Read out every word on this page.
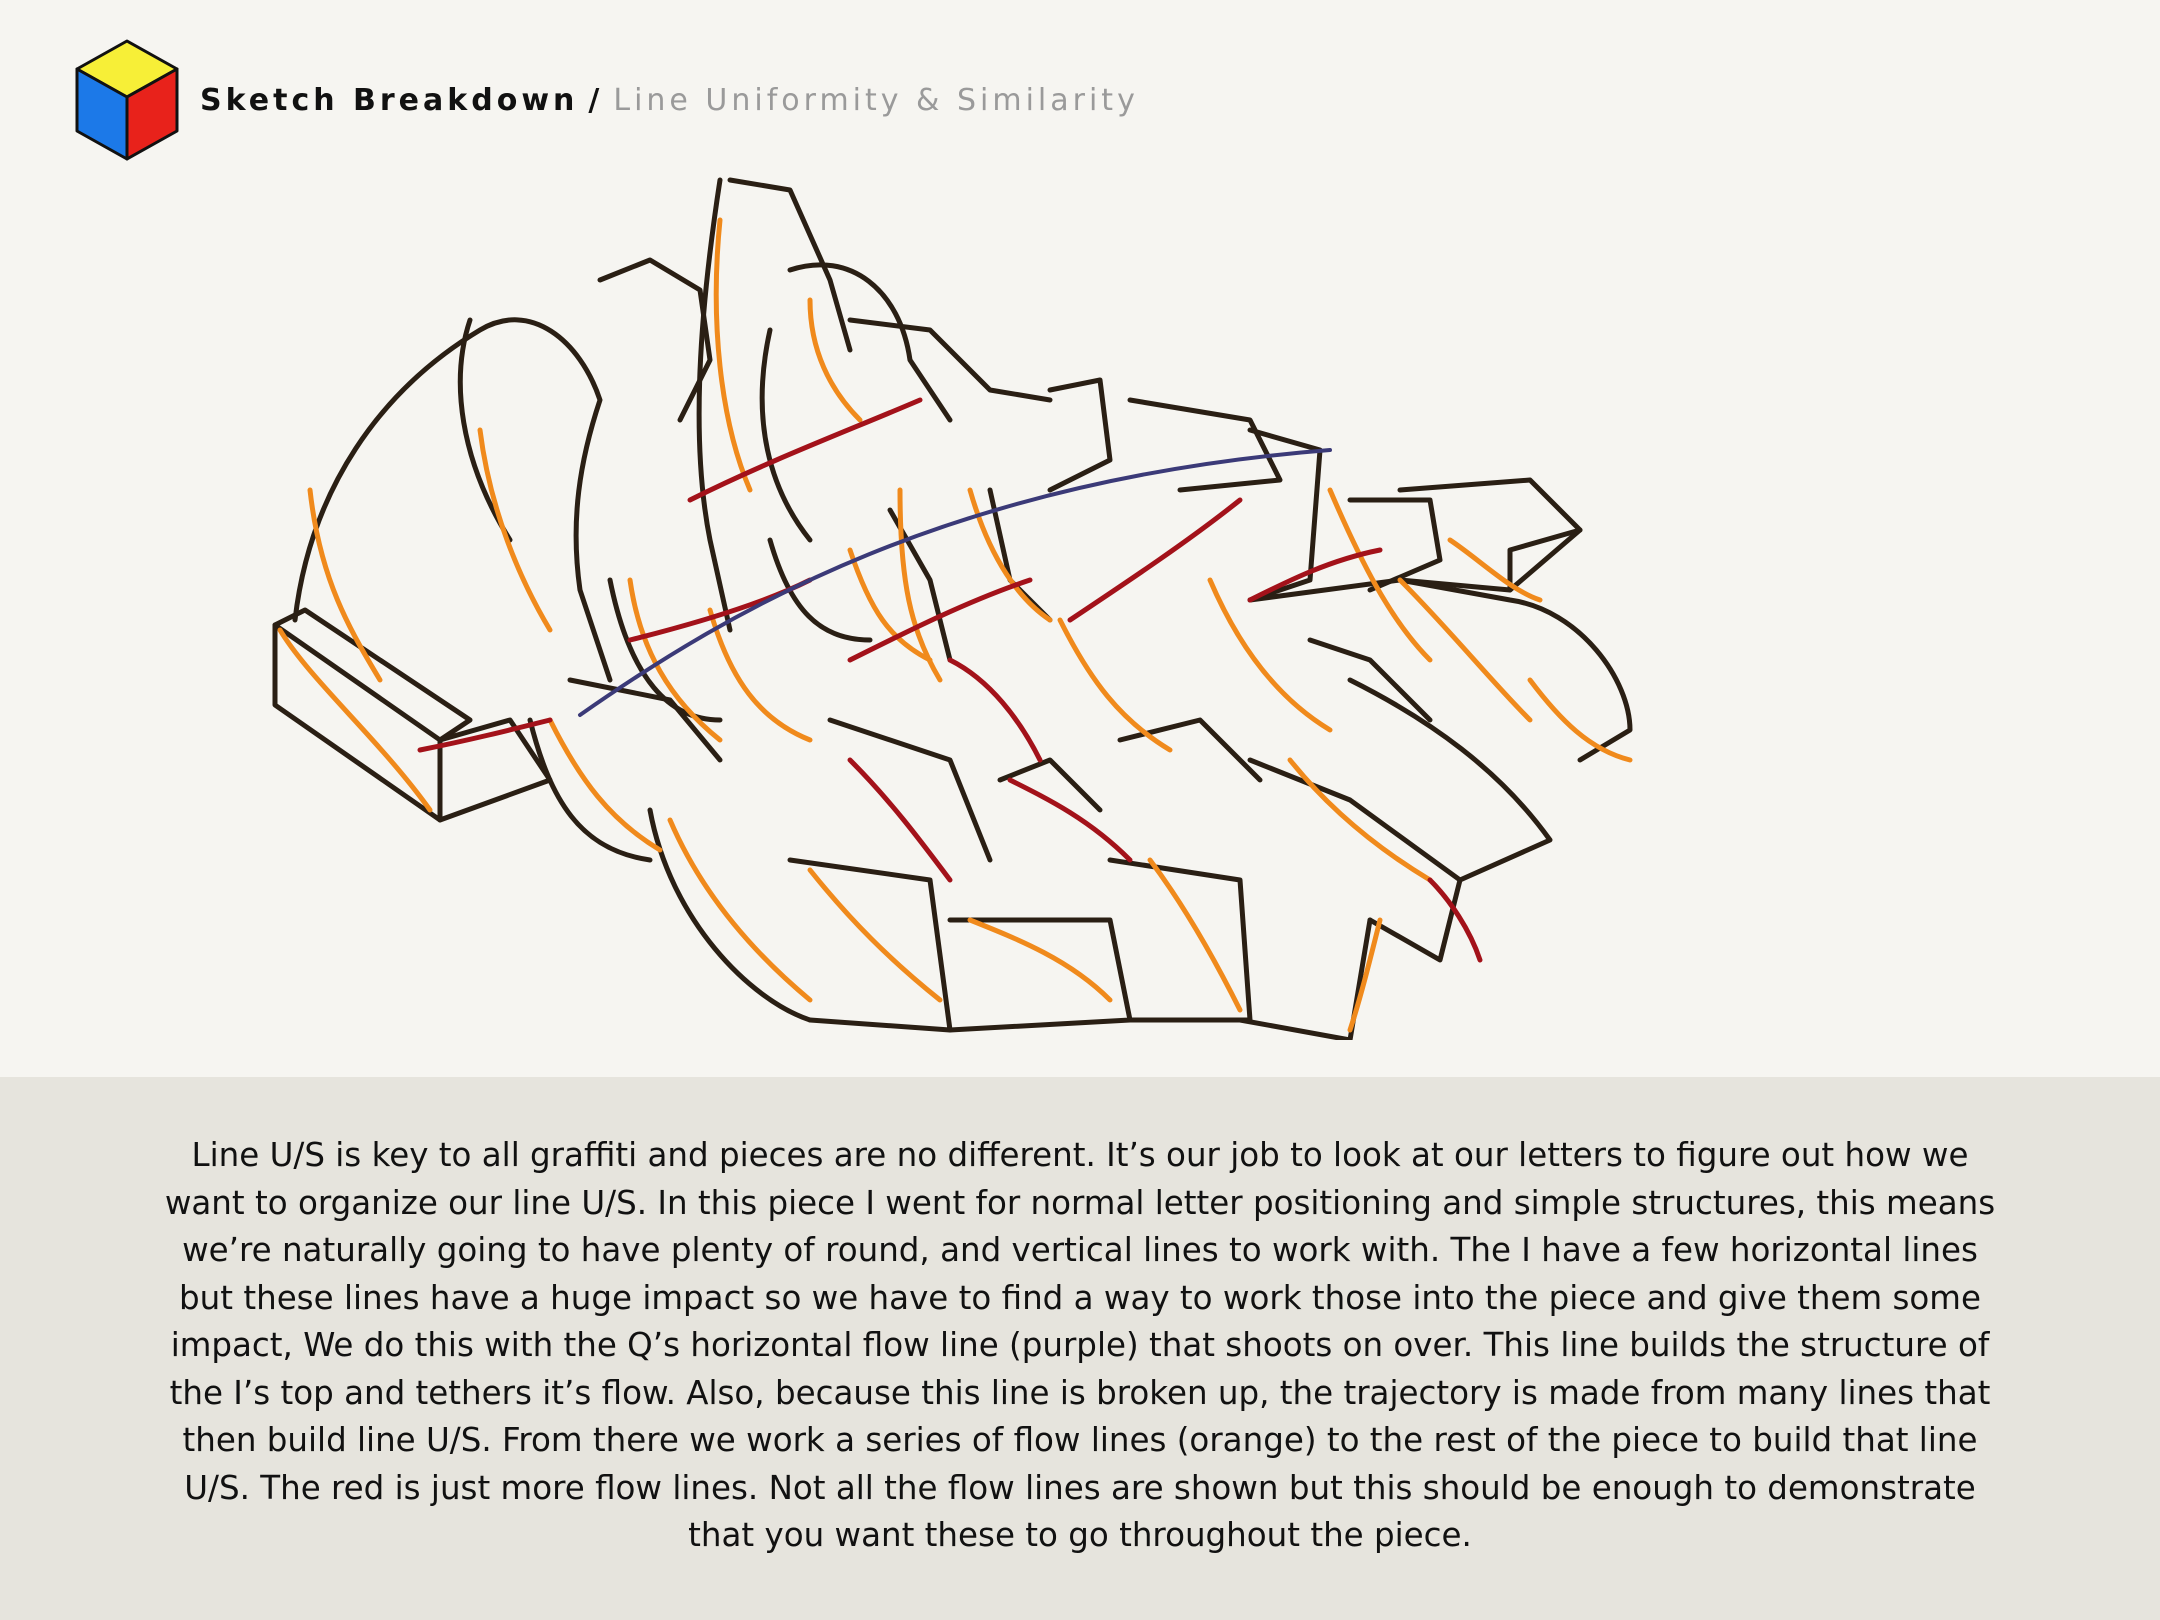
Sketch Breakdown / Line Uniformity & Similarity
Line U/S is key to all graffiti and pieces are no different. It’s our job to look at our letters to figure out how we want to organize our line U/S. In this piece I went for normal letter positioning and simple structures, this means we’re naturally going to have plenty of round, and vertical lines to work with. The I have a few horizontal lines but these lines have a huge impact so we have to find a way to work those into the piece and give them some impact, We do this with the Q’s horizontal flow line (purple) that shoots on over. This line builds the structure of the I’s top and tethers it’s flow. Also, because this line is broken up, the trajectory is made from many lines that then build line U/S. From there we work a series of flow lines (orange) to the rest of the piece to build that line U/S. The red is just more flow lines. Not all the flow lines are shown but this should be enough to demonstrate that you want these to go throughout the piece.
